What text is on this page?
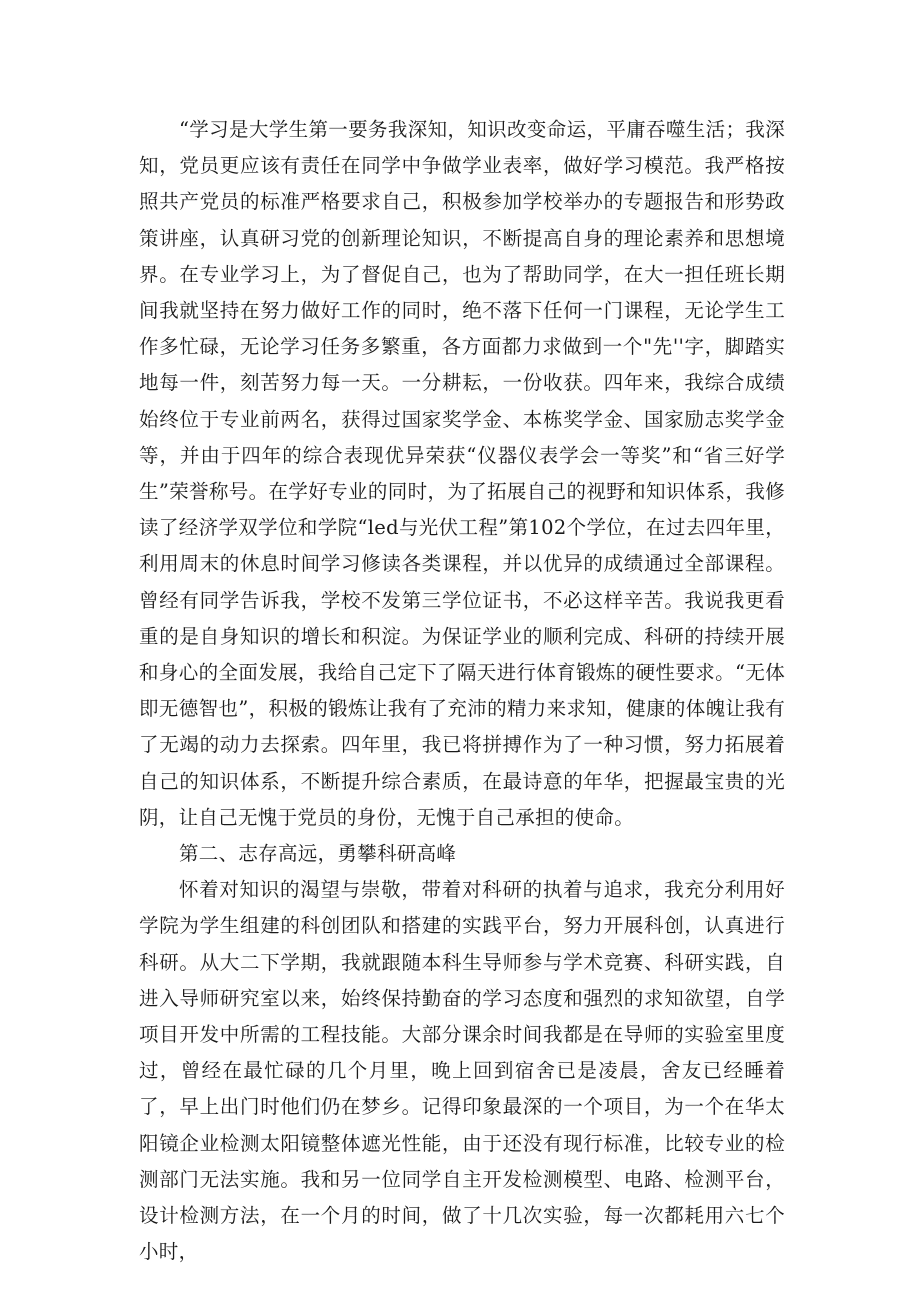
“学习是大学生第一要务我深知，知识改变命运，平庸吞噬生活；我深知，党员更应该有责任在同学中争做学业表率，做好学习模范。我严格按照共产党员的标准严格要求自己，积极参加学校举办的专题报告和形势政策讲座，认真研习党的创新理论知识，不断提高自身的理论素养和思想境界。在专业学习上，为了督促自己，也为了帮助同学，在大一担任班长期间我就坚持在努力做好工作的同时，绝不落下任何一门课程，无论学生工作多忙碌，无论学习任务多繁重，各方面都力求做到一个"先''字，脚踏实地每一件，刻苦努力每一天。一分耕耘，一份收获。四年来，我综合成绩始终位于专业前两名，获得过国家奖学金、本栋奖学金、国家励志奖学金等，并由于四年的综合表现优异荣获“仪器仪表学会一等奖”和“省三好学生”荣誉称号。在学好专业的同时，为了拓展自己的视野和知识体系，我修读了经济学双学位和学院“led与光伏工程”第102个学位，在过去四年里，利用周末的休息时间学习修读各类课程，并以优异的成绩通过全部课程。曾经有同学告诉我，学校不发第三学位证书，不必这样辛苦。我说我更看重的是自身知识的增长和积淀。为保证学业的顺利完成、科研的持续开展和身心的全面发展，我给自己定下了隔天进行体育锻炼的硬性要求。“无体即无德智也”，积极的锻炼让我有了充沛的精力来求知，健康的体魄让我有了无竭的动力去探索。四年里，我已将拼搏作为了一种习惯，努力拓展着自己的知识体系，不断提升综合素质，在最诗意的年华，把握最宝贵的光阴，让自己无愧于党员的身份，无愧于自己承担的使命。

第二、志存高远，勇攀科研高峰

怀着对知识的渴望与崇敬，带着对科研的执着与追求，我充分利用好学院为学生组建的科创团队和搭建的实践平台，努力开展科创，认真进行科研。从大二下学期，我就跟随本科生导师参与学术竞赛、科研实践，自进入导师研究室以来，始终保持勤奋的学习态度和强烈的求知欲望，自学项目开发中所需的工程技能。大部分课余时间我都是在导师的实验室里度过，曾经在最忙碌的几个月里，晚上回到宿舍已是凌晨，舍友已经睡着了，早上出门时他们仍在梦乡。记得印象最深的一个项目，为一个在华太阳镜企业检测太阳镜整体遮光性能，由于还没有现行标准，比较专业的检测部门无法实施。我和另一位同学自主开发检测模型、电路、检测平台，设计检测方法，在一个月的时间，做了十几次实验，每一次都耗用六七个小时，
